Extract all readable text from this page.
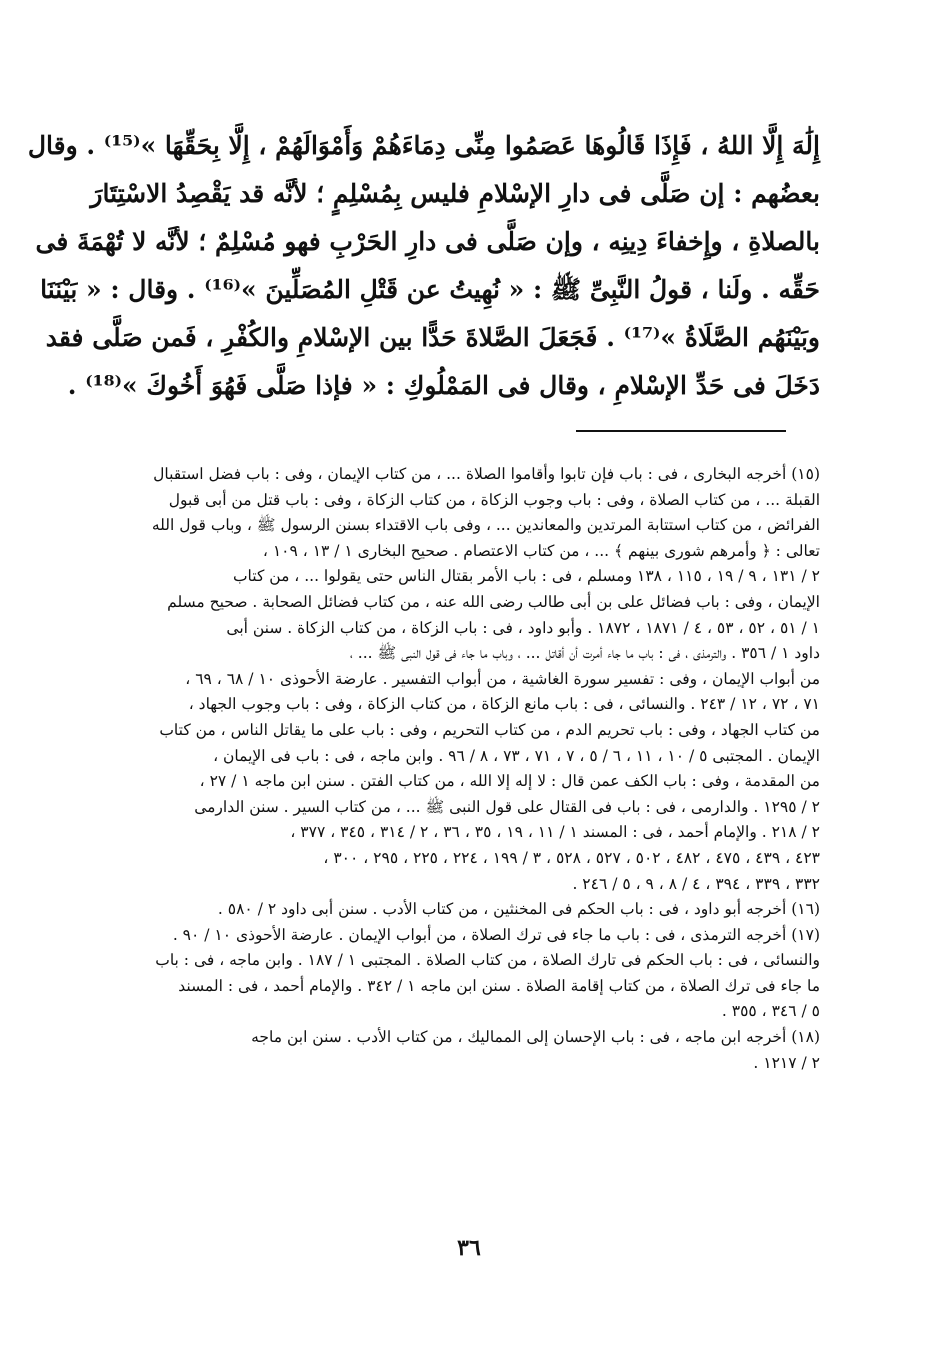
إِلَٰهَ إِلَّا اللهُ ، فَإِذَا قَالُوهَا عَصَمُوا مِنِّى دِمَاءَهُمْ وَأَمْوَالَهُمْ ، إِلَّا بِحَقِّهَا »⁽¹⁵⁾ . وقال

بعضُهم : إن صَلَّى فى دارِ الإسْلامِ فليس بِمُسْلِمٍ ؛ لأنَّه قد يَقْصِدُ الاسْتِتَارَ

بالصلاةِ ، وإِخفاءَ دِينِه ، وإن صَلَّى فى دارِ الحَرْبِ فهو مُسْلِمٌ ؛ لأنَّه لا تُهْمَةَ فى

حَقِّه . ولَنا ، قولُ النَّبِىِّ ﷺ : « نُهِيتُ عن قَتْلِ المُصَلِّينَ »⁽¹⁶⁾ . وقال : « بَيْنَنَا

وبَيْنَهُم الصَّلَاةُ »⁽¹⁷⁾ . فَجَعَلَ الصَّلاةَ حَدًّا بين الإسْلامِ والكُفْرِ ، فَمن صَلَّى فقد

دَخَلَ فى حَدِّ الإسْلامِ ، وقال فى المَمْلُوكِ : « فإذا صَلَّى فَهُوَ أَخُوكَ »⁽¹⁸⁾ .

(١٥) أخرجه البخارى ، فى : باب فإن تابوا وأقاموا الصلاة ... ، من كتاب الإيمان ، وفى : باب فضل استقبال

القبلة ... ، من كتاب الصلاة ، وفى : باب وجوب الزكاة ، من كتاب الزكاة ، وفى : باب قتل من أبى قبول

الفرائض ، من كتاب استتابة المرتدين والمعاندين ... ، وفى باب الاقتداء بسنن الرسول ﷺ ، وباب قول الله

تعالى : ﴿ وأمرهم شورى بينهم ﴾ ... ، من كتاب الاعتصام . صحيح البخارى ١ / ١٣ ، ١٠٩ ،

٢ / ١٣١ ، ٩ / ١٩ ، ١١٥ ، ١٣٨ ومسلم ، فى : باب الأمر بقتال الناس حتى يقولوا ... ، من كتاب

الإيمان ، وفى : باب فضائل على بن أبى طالب رضى الله عنه ، من كتاب فضائل الصحابة . صحيح مسلم

١ / ٥١ ، ٥٢ ، ٥٣ ، ٤ / ١٨٧١ ، ١٨٧٢ . وأبو داود ، فى : باب الزكاة ، من كتاب الزكاة . سنن أبى

داود ١ / ٣٥٦ . والترمذى ، فى : باب ما جاء أمرت أن أقاتل ... ، وباب ما جاء فى قول النبى ﷺ ... ،

من أبواب الإيمان ، وفى : تفسير سورة الغاشية ، من أبواب التفسير . عارضة الأحوذى ١٠ / ٦٨ ، ٦٩ ،

٧١ ، ٧٢ ، ١٢ / ٢٤٣ . والنسائى ، فى : باب مانع الزكاة ، من كتاب الزكاة ، وفى : باب وجوب الجهاد ،

من كتاب الجهاد ، وفى : باب تحريم الدم ، من كتاب التحريم ، وفى : باب على ما يقاتل الناس ، من كتاب

الإيمان . المجتبى ٥ / ١٠ ، ١١ ، ٦ / ٥ ، ٧ ، ٧١ ، ٧٣ ، ٨ / ٩٦ . وابن ماجه ، فى : باب فى الإيمان ،

من المقدمة ، وفى : باب الكف عمن قال : لا إله إلا الله ، من كتاب الفتن . سنن ابن ماجه ١ / ٢٧ ،

٢ / ١٢٩٥ . والدارمى ، فى : باب فى القتال على قول النبى ﷺ ... ، من كتاب السير . سنن الدارمى

٢ / ٢١٨ . والإمام أحمد ، فى : المسند ١ / ١١ ، ١٩ ، ٣٥ ، ٣٦ ، ٢ / ٣١٤ ، ٣٤٥ ، ٣٧٧ ،

٤٢٣ ، ٤٣٩ ، ٤٧٥ ، ٤٨٢ ، ٥٠٢ ، ٥٢٧ ، ٥٢٨ ، ٣ / ١٩٩ ، ٢٢٤ ، ٢٢٥ ، ٢٩٥ ، ٣٠٠ ،

٣٣٢ ، ٣٣٩ ، ٣٩٤ ، ٤ / ٨ ، ٩ ، ٥ / ٢٤٦ .

(١٦) أخرجه أبو داود ، فى : باب الحكم فى المخنثين ، من كتاب الأدب . سنن أبى داود ٢ / ٥٨٠ .

(١٧) أخرجه الترمذى ، فى : باب ما جاء فى ترك الصلاة ، من أبواب الإيمان . عارضة الأحوذى ١٠ / ٩٠ .

والنسائى ، فى : باب الحكم فى تارك الصلاة ، من كتاب الصلاة . المجتبى ١ / ١٨٧ . وابن ماجه ، فى : باب

ما جاء فى ترك الصلاة ، من كتاب إقامة الصلاة . سنن ابن ماجه ١ / ٣٤٢ . والإمام أحمد ، فى : المسند

٥ / ٣٤٦ ، ٣٥٥ .

(١٨) أخرجه ابن ماجه ، فى : باب الإحسان إلى المماليك ، من كتاب الأدب . سنن ابن ماجه

٢ / ١٢١٧ .

٣٦
